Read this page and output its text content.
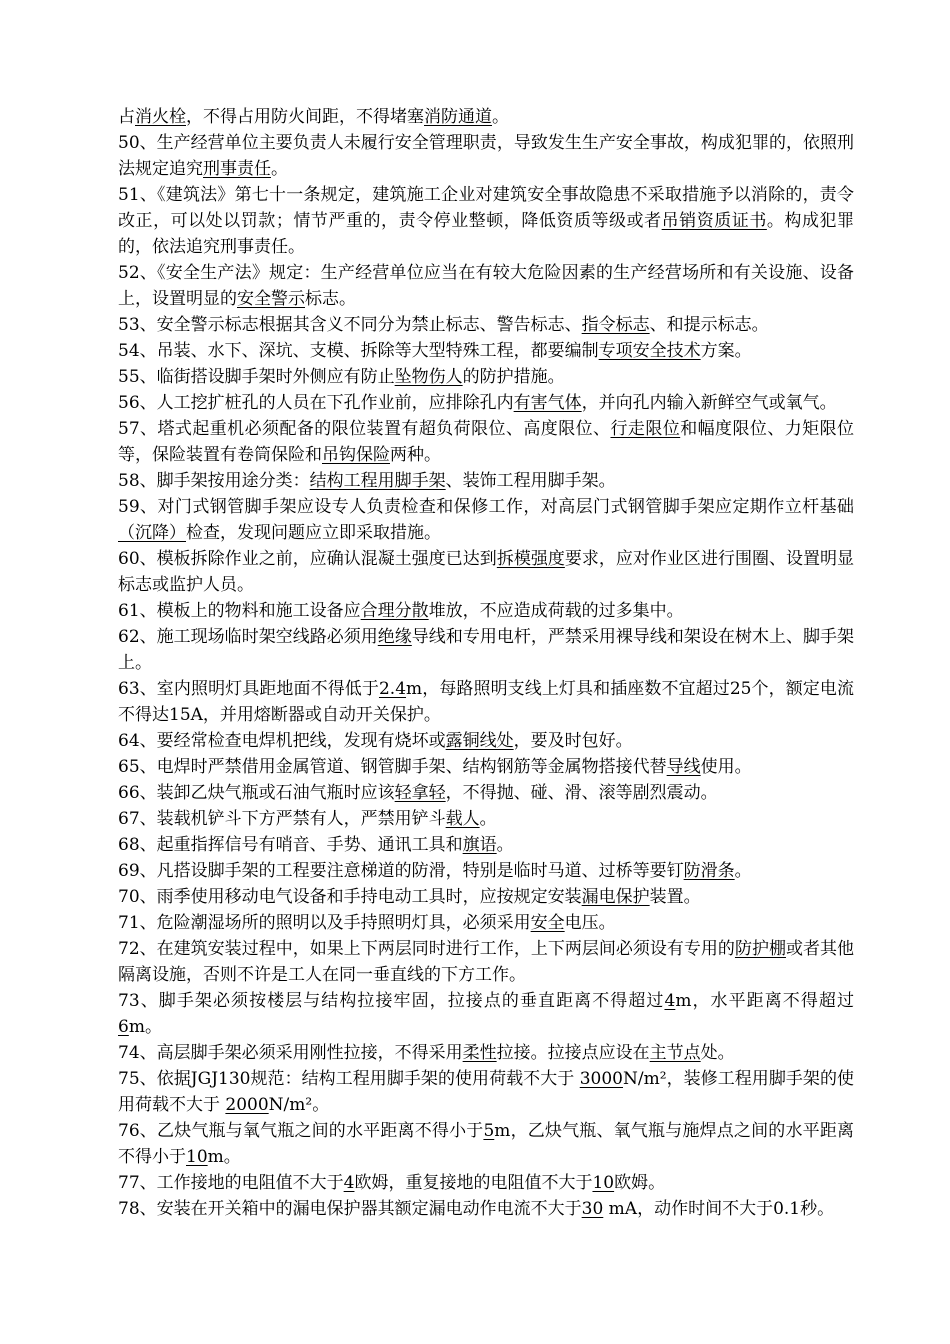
占消火栓，不得占用防火间距，不得堵塞消防通道。

50、生产经营单位主要负责人未履行安全管理职责，导致发生生产安全事故，构成犯罪的，依照刑法规定追究刑事责任。

51、《建筑法》第七十一条规定，建筑施工企业对建筑安全事故隐患不采取措施予以消除的，责令改正，可以处以罚款；情节严重的，责令停业整顿，降低资质等级或者吊销资质证书。构成犯罪的，依法追究刑事责任。

52、《安全生产法》规定：生产经营单位应当在有较大危险因素的生产经营场所和有关设施、设备上，设置明显的安全警示标志。

53、安全警示标志根据其含义不同分为禁止标志、警告标志、指令标志、和提示标志。

54、吊装、水下、深坑、支模、拆除等大型特殊工程，都要编制专项安全技术方案。

55、临街搭设脚手架时外侧应有防止坠物伤人的防护措施。

56、人工挖扩桩孔的人员在下孔作业前，应排除孔内有害气体，并向孔内输入新鲜空气或氧气。

57、塔式起重机必须配备的限位装置有超负荷限位、高度限位、行走限位和幅度限位、力矩限位等，保险装置有卷筒保险和吊钩保险两种。

58、脚手架按用途分类：结构工程用脚手架、装饰工程用脚手架。

59、对门式钢管脚手架应设专人负责检查和保修工作，对高层门式钢管脚手架应定期作立杆基础（沉降）检查，发现问题应立即采取措施。

60、模板拆除作业之前，应确认混凝土强度已达到拆模强度要求，应对作业区进行围圈、设置明显标志或监护人员。

61、模板上的物料和施工设备应合理分散堆放，不应造成荷载的过多集中。

62、施工现场临时架空线路必须用绝缘导线和专用电杆，严禁采用裸导线和架设在树木上、脚手架上。

63、室内照明灯具距地面不得低于2.4m，每路照明支线上灯具和插座数不宜超过25个，额定电流不得达15A，并用熔断器或自动开关保护。

64、要经常检查电焊机把线，发现有烧坏或露铜线处，要及时包好。

65、电焊时严禁借用金属管道、钢管脚手架、结构钢筋等金属物搭接代替导线使用。

66、装卸乙炔气瓶或石油气瓶时应该轻拿轻，不得抛、碰、滑、滚等剧烈震动。

67、装载机铲斗下方严禁有人，严禁用铲斗载人。

68、起重指挥信号有哨音、手势、通讯工具和旗语。

69、凡搭设脚手架的工程要注意梯道的防滑，特别是临时马道、过桥等要钉防滑条。

70、雨季使用移动电气设备和手持电动工具时，应按规定安装漏电保护装置。

71、危险潮湿场所的照明以及手持照明灯具，必须采用安全电压。

72、在建筑安装过程中，如果上下两层同时进行工作，上下两层间必须设有专用的防护棚或者其他隔离设施，否则不许是工人在同一垂直线的下方工作。

73、脚手架必须按楼层与结构拉接牢固，拉接点的垂直距离不得超过4m，水平距离不得超过6m。

74、高层脚手架必须采用刚性拉接，不得采用柔性拉接。拉接点应设在主节点处。

75、依据JGJ130规范：结构工程用脚手架的使用荷载不大于 3000N/m²，装修工程用脚手架的使用荷载不大于 2000N/m²。

76、乙炔气瓶与氧气瓶之间的水平距离不得小于5m，乙炔气瓶、氧气瓶与施焊点之间的水平距离不得小于10m。

77、工作接地的电阻值不大于4欧姆，重复接地的电阻值不大于10欧姆。

78、安装在开关箱中的漏电保护器其额定漏电动作电流不大于30 mA，动作时间不大于0.1秒。
